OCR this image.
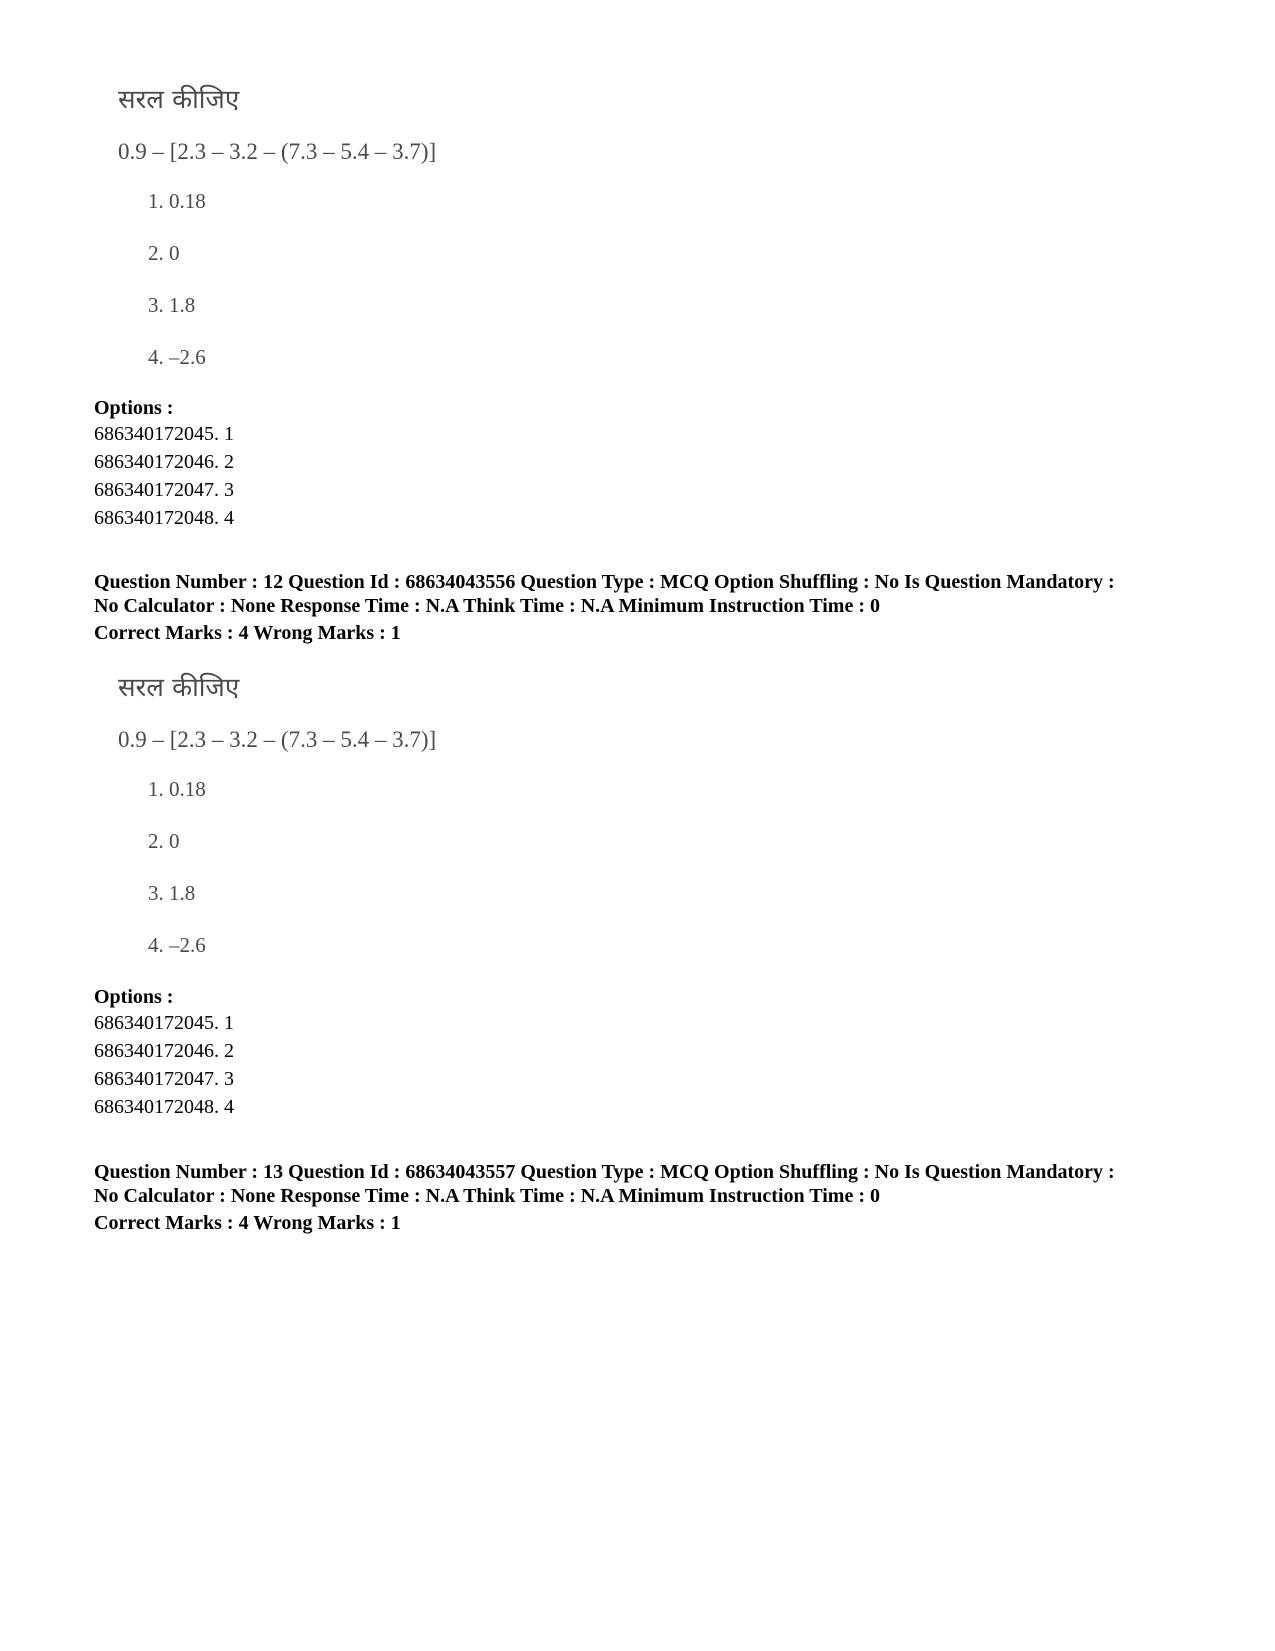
सरल कीजिए
0.9 – [2.3 – 3.2 – (7.3 – 5.4 – 3.7)]
1. 0.18
2. 0
3. 1.8
4. –2.6
Options :
686340172045. 1
686340172046. 2
686340172047. 3
686340172048. 4
Question Number : 12 Question Id : 68634043556 Question Type : MCQ Option Shuffling : No Is Question Mandatory :
No Calculator : None Response Time : N.A Think Time : N.A Minimum Instruction Time : 0
Correct Marks : 4 Wrong Marks : 1
सरल कीजिए
0.9 – [2.3 – 3.2 – (7.3 – 5.4 – 3.7)]
1. 0.18
2. 0
3. 1.8
4. –2.6
Options :
686340172045. 1
686340172046. 2
686340172047. 3
686340172048. 4
Question Number : 13 Question Id : 68634043557 Question Type : MCQ Option Shuffling : No Is Question Mandatory :
No Calculator : None Response Time : N.A Think Time : N.A Minimum Instruction Time : 0
Correct Marks : 4 Wrong Marks : 1
